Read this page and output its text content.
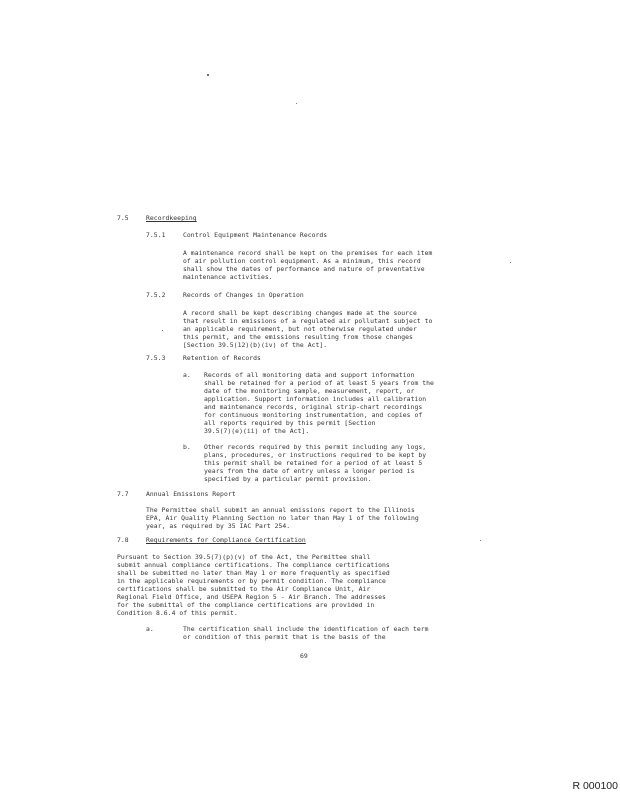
R 000100
7.5	Recordkeeping
7.5.1	Control Equipment Maintenance Records
A maintenance record shall be kept on the premises for each item
of air pollution control equipment. As a minimum, this record
shall show the dates of performance and nature of preventative
maintenance activities.
7.5.2	Records of Changes in Operation
A record shall be kept describing changes made at the source
that result in emissions of a regulated air pollutant subject to
an applicable requirement, but not otherwise regulated under
this permit, and the emissions resulting from those changes
[Section 39.5(12)(b)(iv) of the Act].
7.5.3	Retention of Records
a. Records of all monitoring data and support information
shall be retained for a period of at least 5 years from the
date of the monitoring sample, measurement, report, or
application. Support information includes all calibration
and maintenance records, original strip-chart recordings
for continuous monitoring instrumentation, and copies of
all reports required by this permit [Section
39.5(7)(e)(ii) of the Act].
b. Other records required by this permit including any logs,
plans, procedures, or instructions required to be kept by
this permit shall be retained for a period of at least 5
years from the date of entry unless a longer period is
specified by a particular permit provision.
7.7	Annual Emissions Report
The Permittee shall submit an annual emissions report to the Illinois
EPA, Air Quality Planning Section no later than May 1 of the following
year, as required by 35 IAC Part 254.
7.8	Requirements for Compliance Certification
Pursuant to Section 39.5(7)(p)(v) of the Act, the Permittee shall
submit annual compliance certifications. The compliance certifications
shall be submitted no later than May 1 or more frequently as specified
in the applicable requirements or by permit condition. The compliance
certifications shall be submitted to the Air Compliance Unit, Air
Regional Field Office, and USEPA Region 5 - Air Branch. The addresses
for the submittal of the compliance certifications are provided in
Condition 8.6.4 of this permit.
a.	The certification shall include the identification of each term
or condition of this permit that is the basis of the
69
